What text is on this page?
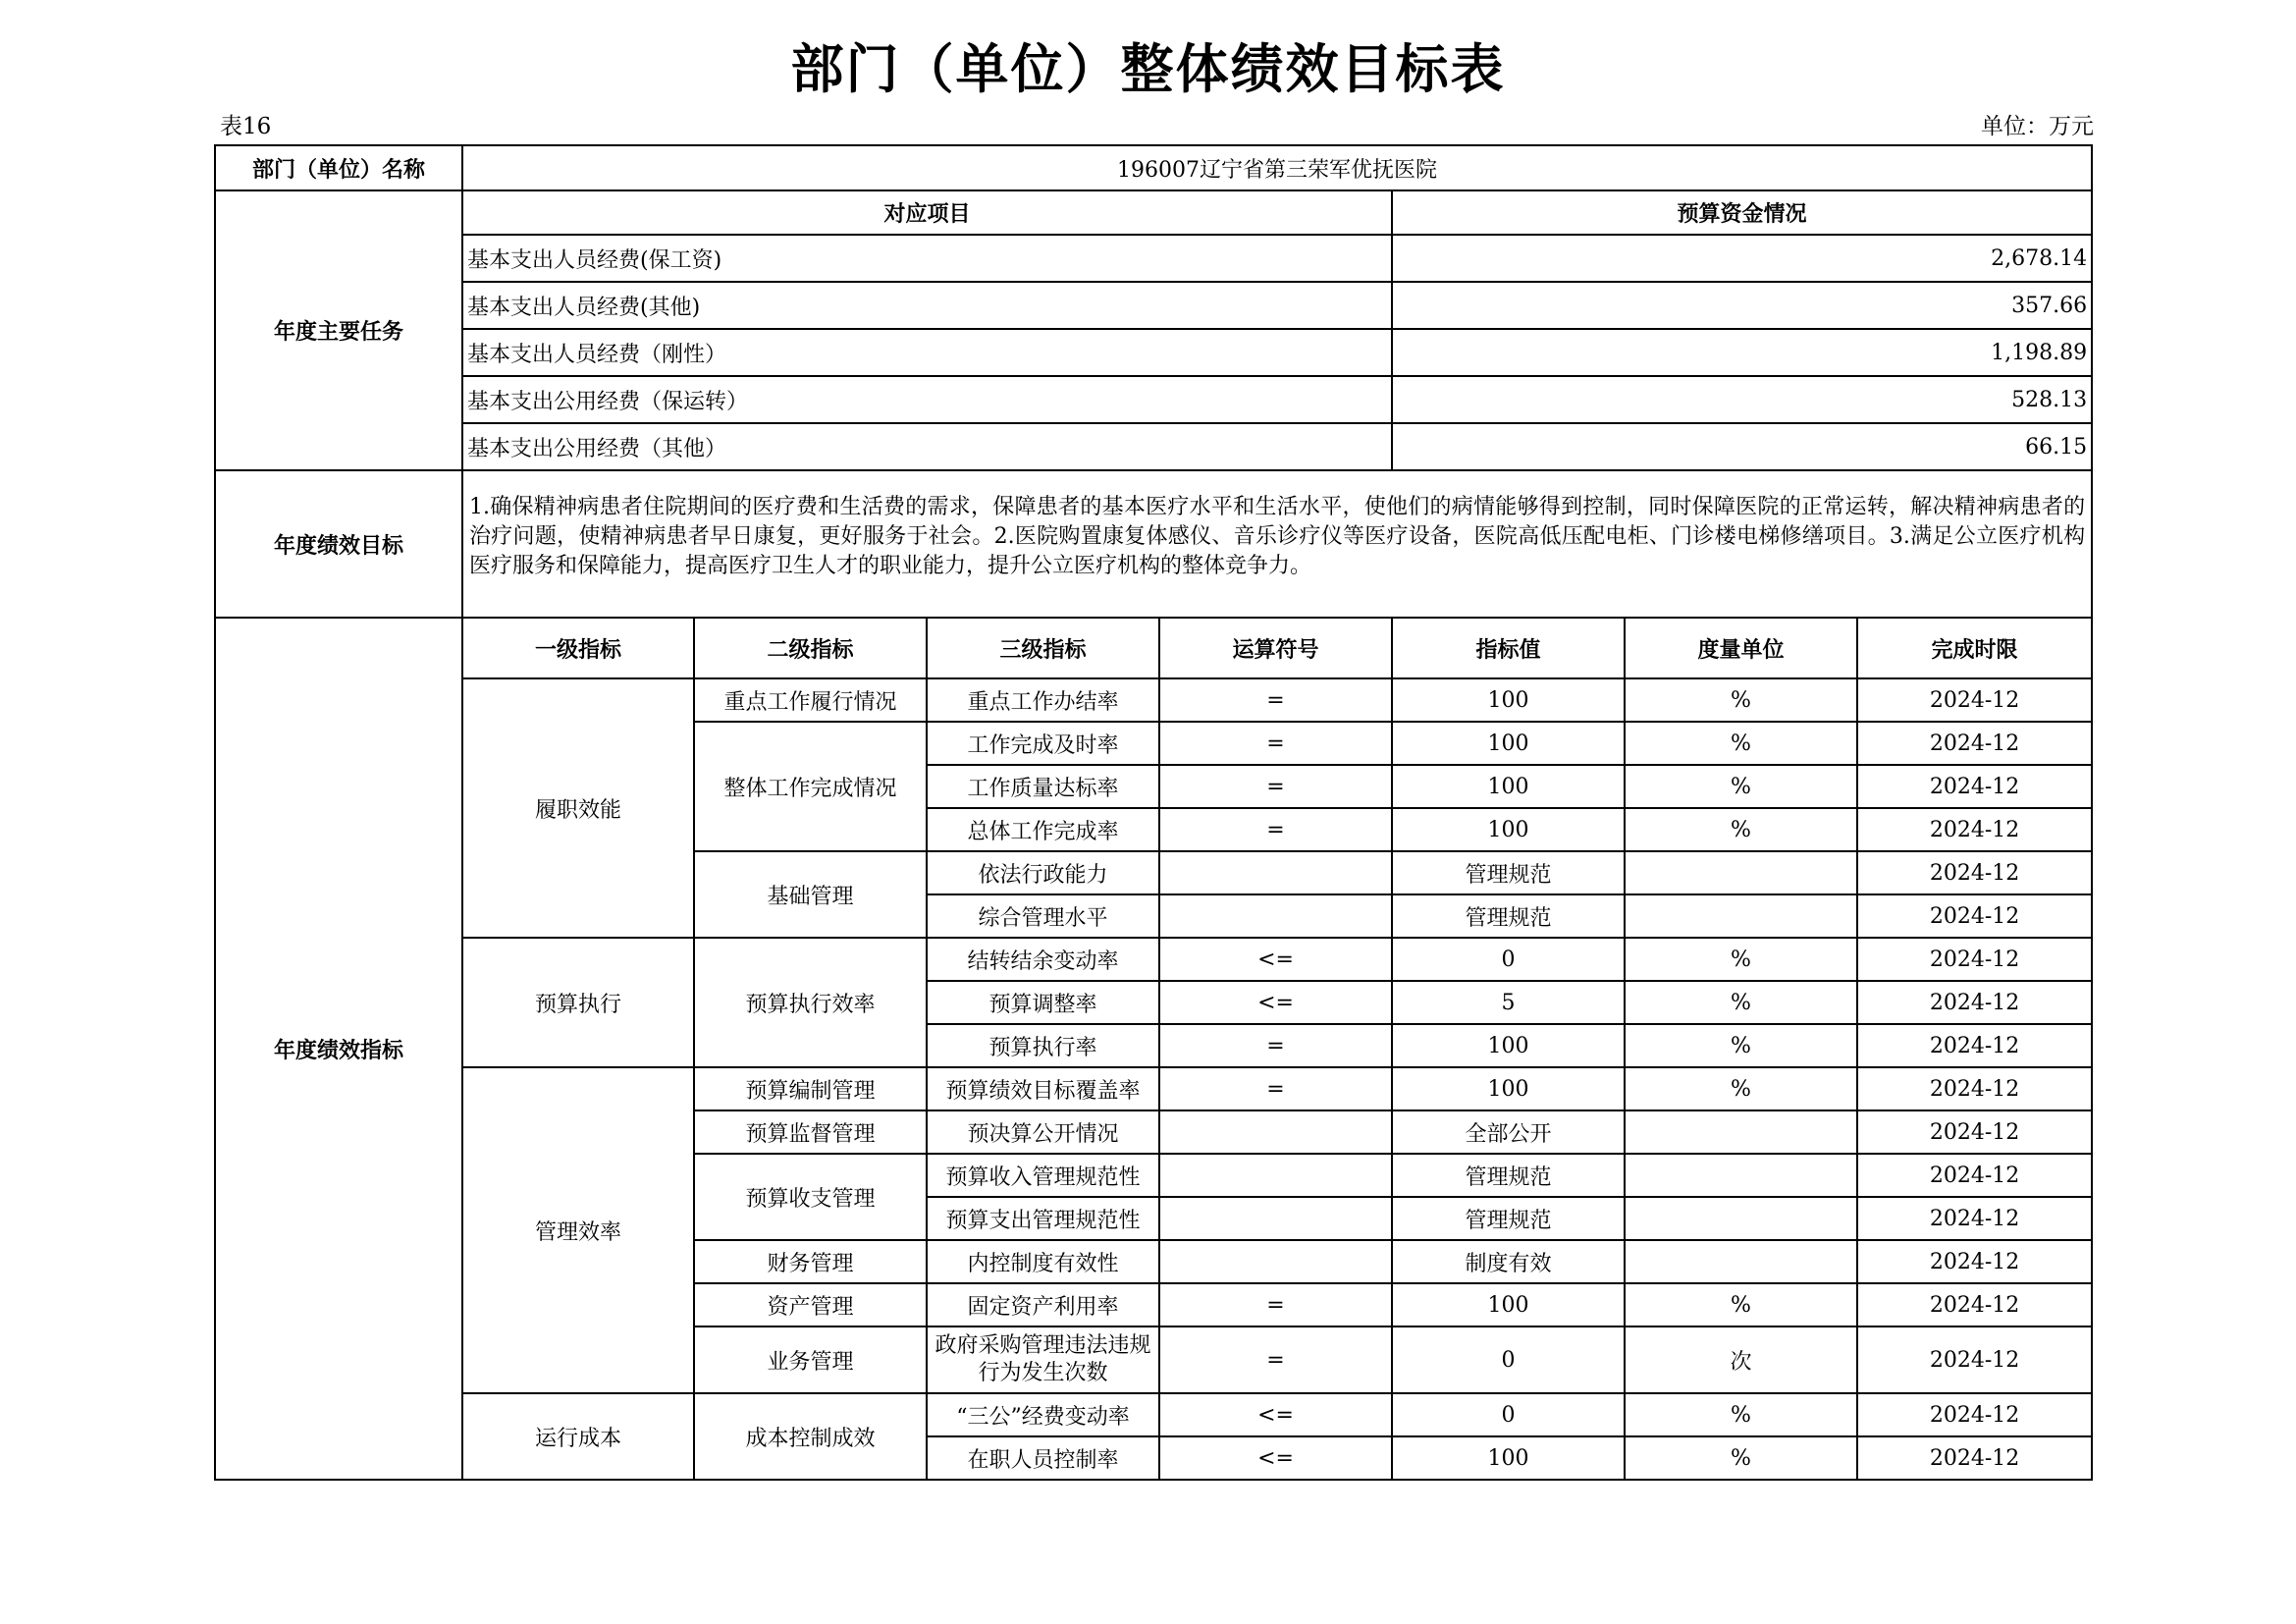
部门（单位）整体绩效目标表
表16	单位：万元
部门（单位）名称	196007辽宁省第三荣军优抚医院						
年度主要任务	对应项目				预算资金情况		
	基本支出人员经费(保工资)				2,678.14		
	基本支出人员经费(其他)				357.66		
	基本支出人员经费（刚性）				1,198.89		
	基本支出公用经费（保运转）				528.13		
	基本支出公用经费（其他）				66.15		
年度绩效目标	1.确保精神病患者住院期间的医疗费和生活费的需求，保障患者的基本医疗水平和生活水平，使他们的病情能够得到控制，同时保障医院的正常运转，解决精神病患者的治疗问题，使精神病患者早日康复，更好服务于社会。2.医院购置康复体感仪、音乐诊疗仪等医疗设备，医院高低压配电柜、门诊楼电梯修缮项目。3.满足公立医疗机构医疗服务和保障能力，提高医疗卫生人才的职业能力，提升公立医疗机构的整体竞争力。						
年度绩效指标	一级指标	二级指标	三级指标	运算符号	指标值	度量单位	完成时限
	履职效能	重点工作履行情况	重点工作办结率	=	100	%	2024-12
		整体工作完成情况	工作完成及时率	=	100	%	2024-12
			工作质量达标率	=	100	%	2024-12
			总体工作完成率	=	100	%	2024-12
		基础管理	依法行政能力		管理规范		2024-12
			综合管理水平		管理规范		2024-12
	预算执行	预算执行效率	结转结余变动率	<=	0	%	2024-12
			预算调整率	<=	5	%	2024-12
			预算执行率	=	100	%	2024-12
	管理效率	预算编制管理	预算绩效目标覆盖率	=	100	%	2024-12
		预算监督管理	预决算公开情况		全部公开		2024-12
		预算收支管理	预算收入管理规范性		管理规范		2024-12
			预算支出管理规范性		管理规范		2024-12
		财务管理	内控制度有效性		制度有效		2024-12
		资产管理	固定资产利用率	=	100	%	2024-12
		业务管理	政府采购管理违法违规行为发生次数	=	0	次	2024-12
	运行成本	成本控制成效	“三公”经费变动率	<=	0	%	2024-12
			在职人员控制率	<=	100	%	2024-12
